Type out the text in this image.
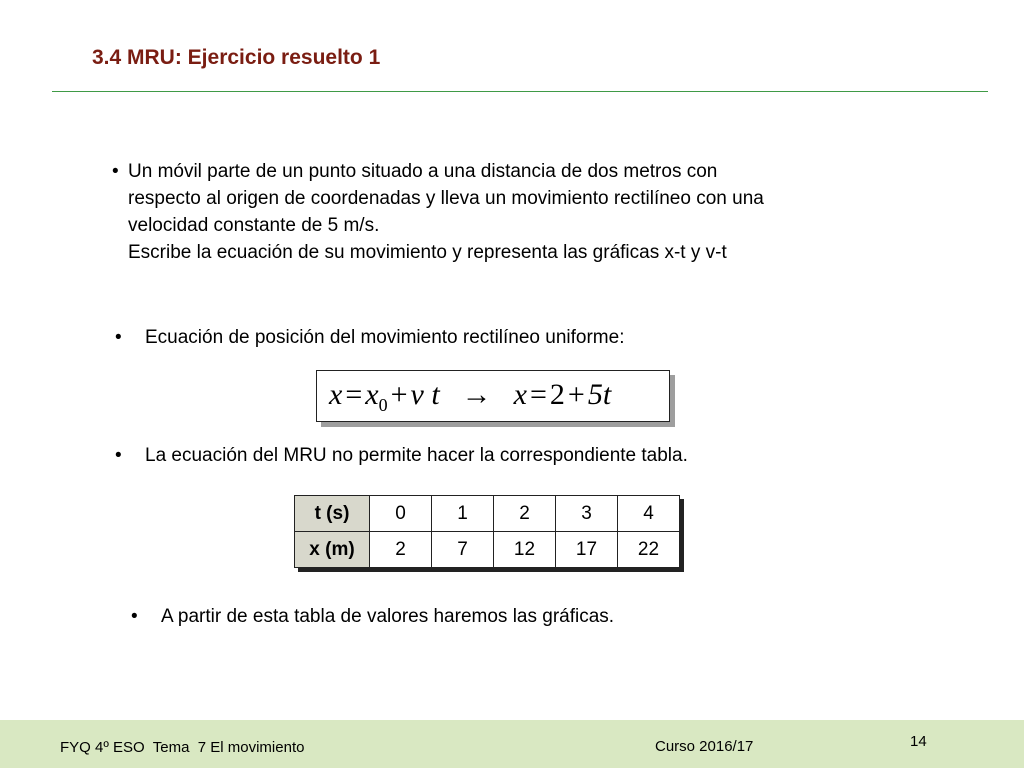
3.4 MRU: Ejercicio resuelto 1
• Un móvil parte de un punto situado a una distancia de dos metros con
respecto al origen de coordenadas y lleva un movimiento rectilíneo con una
velocidad constante de 5 m/s.
Escribe la ecuación de su movimiento y representa las gráficas x-t y v-t
• Ecuación de posición del movimiento rectilíneo uniforme:
$x = x_0 + v$ t → x = 2 + 5t
• La ecuación del MRU no permite hacer la correspondiente tabla.
t (s)	0	1	2	3	4
x (m)	2	7	12	17	22
• A partir de esta tabla de valores haremos las gráficas.
FYQ 4º ESO  Tema  7 El movimiento	Curso 2016/17	14
